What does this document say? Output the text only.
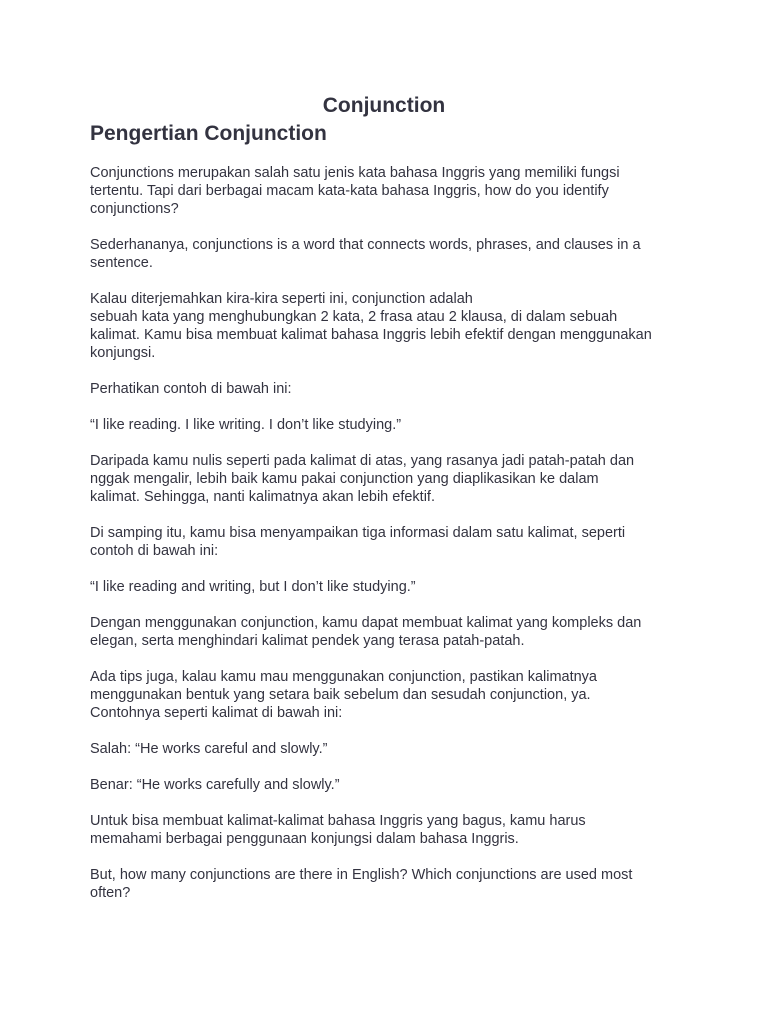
Conjunction
Pengertian Conjunction

Conjunctions merupakan salah satu jenis kata bahasa Inggris yang memiliki fungsi
tertentu. Tapi dari berbagai macam kata-kata bahasa Inggris, how do you identify
conjunctions?

Sederhananya, conjunctions is a word that connects words, phrases, and clauses in a
sentence.

Kalau diterjemahkan kira-kira seperti ini, conjunction adalah
sebuah kata yang menghubungkan 2 kata, 2 frasa atau 2 klausa, di dalam sebuah
kalimat. Kamu bisa membuat kalimat bahasa Inggris lebih efektif dengan menggunakan
konjungsi.

Perhatikan contoh di bawah ini:

“I like reading. I like writing. I don’t like studying.”

Daripada kamu nulis seperti pada kalimat di atas, yang rasanya jadi patah-patah dan
nggak mengalir, lebih baik kamu pakai conjunction yang diaplikasikan ke dalam
kalimat. Sehingga, nanti kalimatnya akan lebih efektif.

Di samping itu, kamu bisa menyampaikan tiga informasi dalam satu kalimat, seperti
contoh di bawah ini:

“I like reading and writing, but I don’t like studying.”

Dengan menggunakan conjunction, kamu dapat membuat kalimat yang kompleks dan
elegan, serta menghindari kalimat pendek yang terasa patah-patah.

Ada tips juga, kalau kamu mau menggunakan conjunction, pastikan kalimatnya
menggunakan bentuk yang setara baik sebelum dan sesudah conjunction, ya.
Contohnya seperti kalimat di bawah ini:

Salah: “He works careful and slowly.”

Benar: “He works carefully and slowly.”

Untuk bisa membuat kalimat-kalimat bahasa Inggris yang bagus, kamu harus
memahami berbagai penggunaan konjungsi dalam bahasa Inggris.

But, how many conjunctions are there in English? Which conjunctions are used most
often?
